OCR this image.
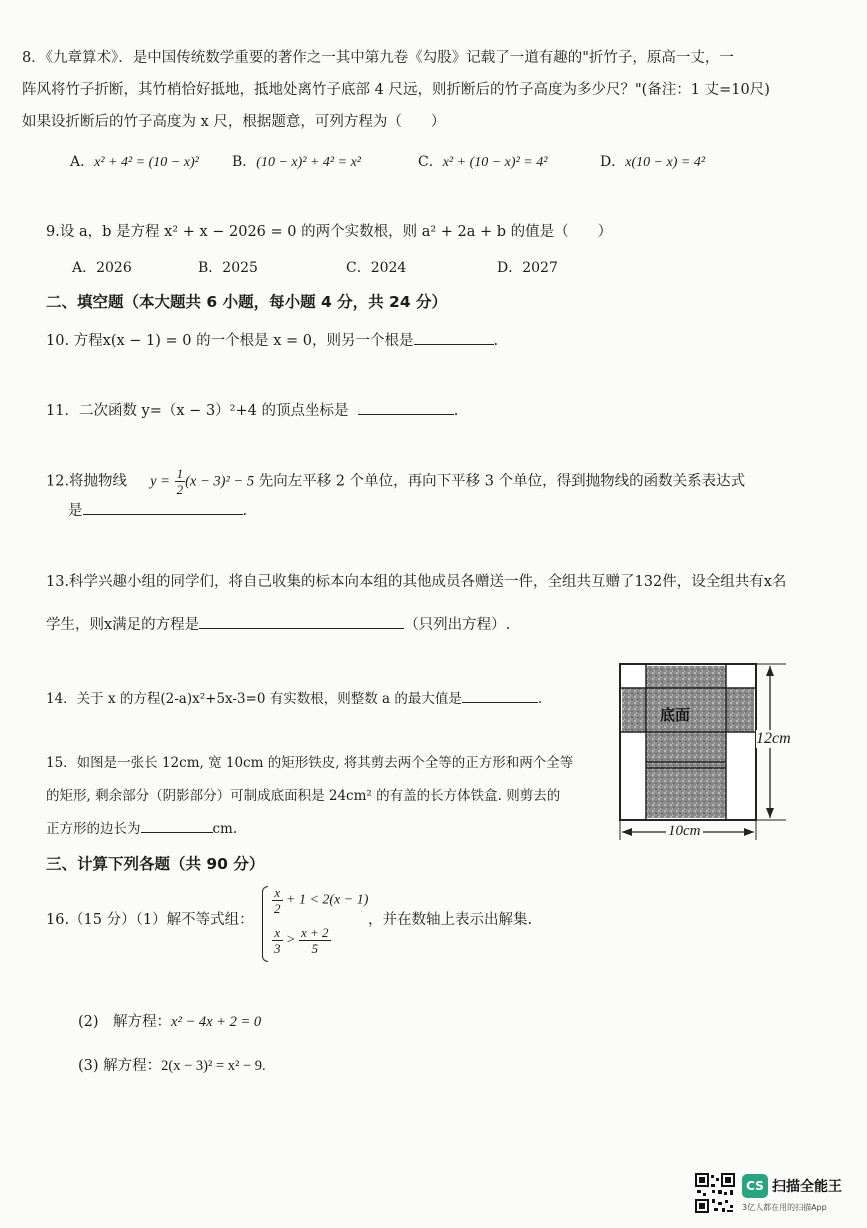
8．《九章算术》．是中国传统数学重要的著作之一其中第九卷《勾股》记载了一道有趣的"折竹子，原高一丈，一
阵风将竹子折断，其竹梢恰好抵地，抵地处离竹子底部 4 尺远，则折断后的竹子高度为多少尺？"(备注：1 丈=10尺)
如果设折断后的竹子高度为 x 尺，根据题意，可列方程为（　　）
A．x² + 4² = (10 − x)² B．(10 − x)² + 4² = x²	C．x² + (10 − x)² = 4²	D．x(10 − x) = 4²
9.设 a，b 是方程 x² + x − 2026 = 0 的两个实数根，则 a² + 2a + b 的值是（　　）
A．2026	B．2025	C．2024	D．2027
二、填空题（本大题共 6 小题，每小题 4 分，共 24 分）
10. 方程x(x − 1) = 0 的一个根是 x = 0，则另一个根是	.
11．二次函数 y=（x − 3）²+4 的顶点坐标是	.
12.将抛物线 $y = \frac{1}{2} (x - 3)^2 - 5$ 先向左平移 2 个单位，再向下平移 3 个单位，得到抛物线的函数关系表达式
是	.
13.科学兴趣小组的同学们，将自己收集的标本向本组的其他成员各赠送一件，全组共互赠了132件，设全组共有x名
学生，则x满足的方程是	（只列出方程）.
14．关于 x 的方程(2-a)x²+5x-3=0 有实数根，则整数 a 的最大值是	.
15．如图是一张长 12cm, 宽 10cm 的矩形铁皮, 将其剪去两个全等的正方形和两个全等
的矩形, 剩余部分（阴影部分）可制成底面积是 24cm² 的有盖的长方体铁盒. 则剪去的
正方形的边长为	cm.
底面
12cm
10cm
三、计算下列各题（共 90 分）
16.（15 分）（1）解不等式组：
$\frac{x}{2} + 1 < 2(x - 1)$
$\frac{x}{3} > \frac{x + 2}{5}$
，并在数轴上表示出解集.
(2)　解方程：x² − 4x + 2 = 0
(3) 解方程：2(x − 3)² = x² − 9.
CS 扫描全能王
3亿人都在用的扫描App
